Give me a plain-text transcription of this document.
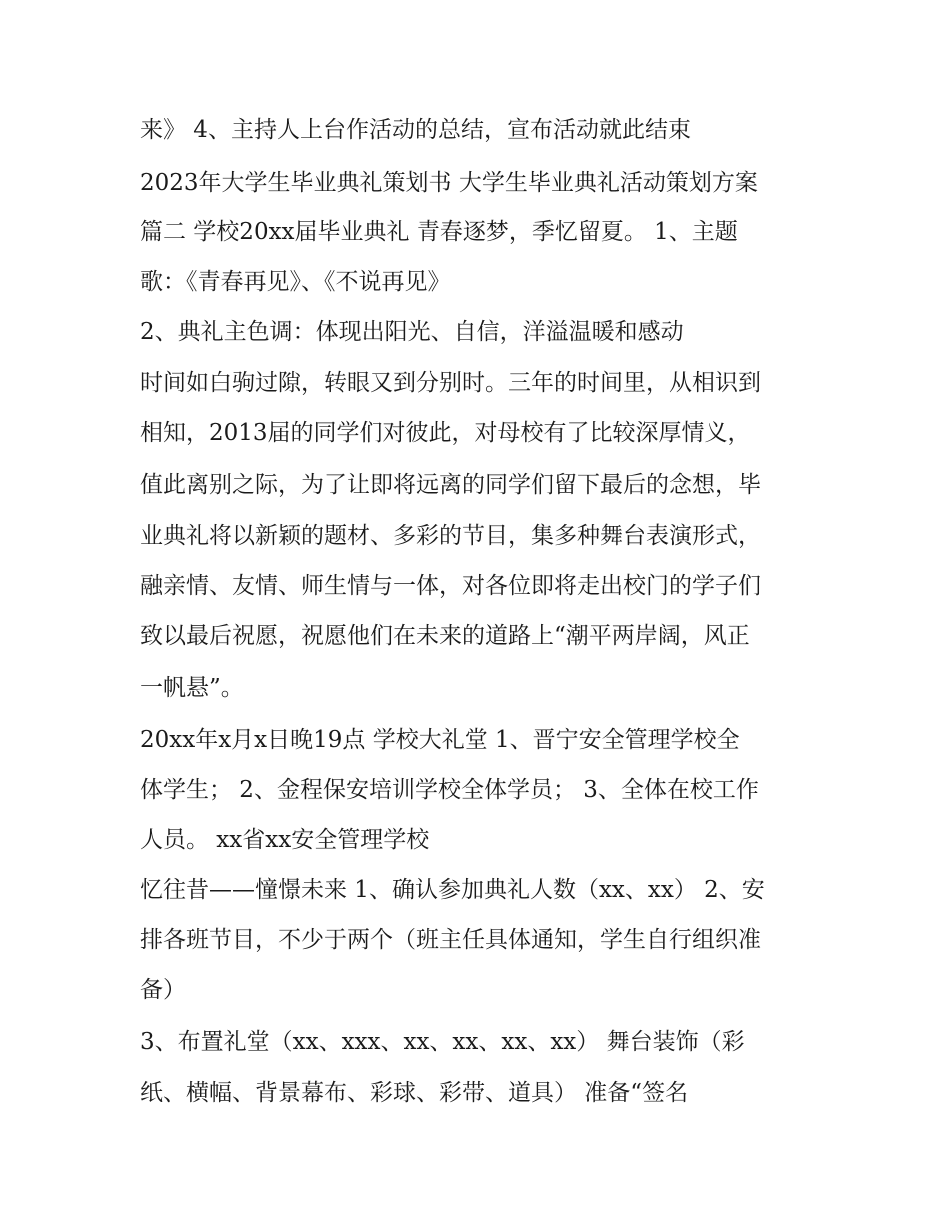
来》 4、主持人上台作活动的总结，宣布活动就此结束
2023年大学生毕业典礼策划书 大学生毕业典礼活动策划方案
篇二 学校20xx届毕业典礼 青春逐梦，季忆留夏。 1、主题
歌：《青春再见》、《不说再见》
2、典礼主色调：体现出阳光、自信，洋溢温暖和感动
时间如白驹过隙，转眼又到分别时。三年的时间里，从相识到
相知，2013届的同学们对彼此，对母校有了比较深厚情义，
值此离别之际，为了让即将远离的同学们留下最后的念想，毕
业典礼将以新颖的题材、多彩的节目，集多种舞台表演形式，
融亲情、友情、师生情与一体，对各位即将走出校门的学子们
致以最后祝愿，祝愿他们在未来的道路上“潮平两岸阔，风正
一帆悬”。
20xx年x月x日晚19点 学校大礼堂 1、晋宁安全管理学校全
体学生； 2、金程保安培训学校全体学员； 3、全体在校工作
人员。 xx省xx安全管理学校
忆往昔——憧憬未来 1、确认参加典礼人数（xx、xx） 2、安
排各班节目，不少于两个（班主任具体通知，学生自行组织准
备）
3、布置礼堂（xx、xxx、xx、xx、xx、xx） 舞台装饰（彩
纸、横幅、背景幕布、彩球、彩带、道具） 准备“签名
